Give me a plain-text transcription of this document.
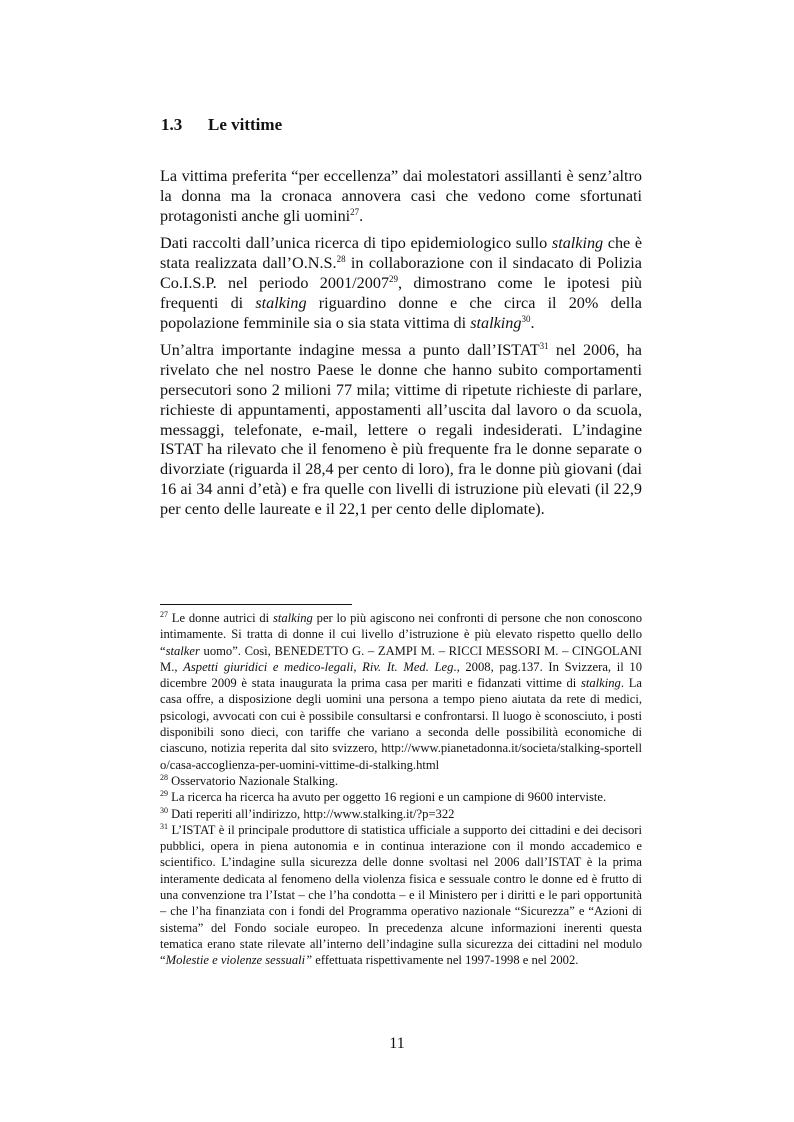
1.3 Le vittime

La vittima preferita “per eccellenza” dai molestatori assillanti è senz’altro la donna ma la cronaca annovera casi che vedono come sfortunati protagonisti anche gli uomini$^{27}$.

Dati raccolti dall’unica ricerca di tipo epidemiologico sullo stalking che è stata realizzata dall’O.N.S.$^{28}$ in collaborazione con il sindacato di Polizia Co.I.S.P. nel periodo 2001/2007$^{29}$, dimostrano come le ipotesi più frequenti di stalking riguardino donne e che circa il 20% della popolazione femminile sia o sia stata vittima di stalking$^{30}$.

Un’altra importante indagine messa a punto dall’ISTAT$^{31}$ nel 2006, ha rivelato che nel nostro Paese le donne che hanno subito comportamenti persecutori sono 2 milioni 77 mila; vittime di ripetute richieste di parlare, richieste di appuntamenti, appostamenti all’uscita dal lavoro o da scuola, messaggi, telefonate, e-mail, lettere o regali indesiderati. L’indagine ISTAT ha rilevato che il fenomeno è più frequente fra le donne separate o divorziate (riguarda il 28,4 per cento di loro), fra le donne più giovani (dai 16 ai 34 anni d’età) e fra quelle con livelli di istruzione più elevati (il 22,9 per cento delle laureate e il 22,1 per cento delle diplomate).

$^{27}$ Le donne autrici di stalking per lo più agiscono nei confronti di persone che non conoscono intimamente. Si tratta di donne il cui livello d’istruzione è più elevato rispetto quello dello “stalker uomo”. Così, BENEDETTO G. – ZAMPI M. – RICCI MESSORI M. – CINGOLANI M., Aspetti giuridici e medico-legali, Riv. It. Med. Leg., 2008, pag.137. In Svizzera, il 10 dicembre 2009 è stata inaugurata la prima casa per mariti e fidanzati vittime di stalking. La casa offre, a disposizione degli uomini una persona a tempo pieno aiutata da rete di medici, psicologi, avvocati con cui è possibile consultarsi e confrontarsi. Il luogo è sconosciuto, i posti disponibili sono dieci, con tariffe che variano a seconda delle possibilità economiche di ciascuno, notizia reperita dal sito svizzero, http://www.pianetadonna.it/societa/stalking-sportello/casa-accoglienza-per-uomini-vittime-di-stalking.html

$^{28}$ Osservatorio Nazionale Stalking.

$^{29}$ La ricerca ha ricerca ha avuto per oggetto 16 regioni e un campione di 9600 interviste.

$^{30}$ Dati reperiti all’indirizzo, http://www.stalking.it/?p=322

$^{31}$ L’ISTAT è il principale produttore di statistica ufficiale a supporto dei cittadini e dei decisori pubblici, opera in piena autonomia e in continua interazione con il mondo accademico e scientifico. L’indagine sulla sicurezza delle donne svoltasi nel 2006 dall’ISTAT è la prima interamente dedicata al fenomeno della violenza fisica e sessuale contro le donne ed è frutto di una convenzione tra l’Istat – che l’ha condotta – e il Ministero per i diritti e le pari opportunità – che l’ha finanziata con i fondi del Programma operativo nazionale “Sicurezza” e “Azioni di sistema” del Fondo sociale europeo. In precedenza alcune informazioni inerenti questa tematica erano state rilevate all’interno dell’indagine sulla sicurezza dei cittadini nel modulo “Molestie e violenze sessuali” effettuata rispettivamente nel 1997-1998 e nel 2002.

11
